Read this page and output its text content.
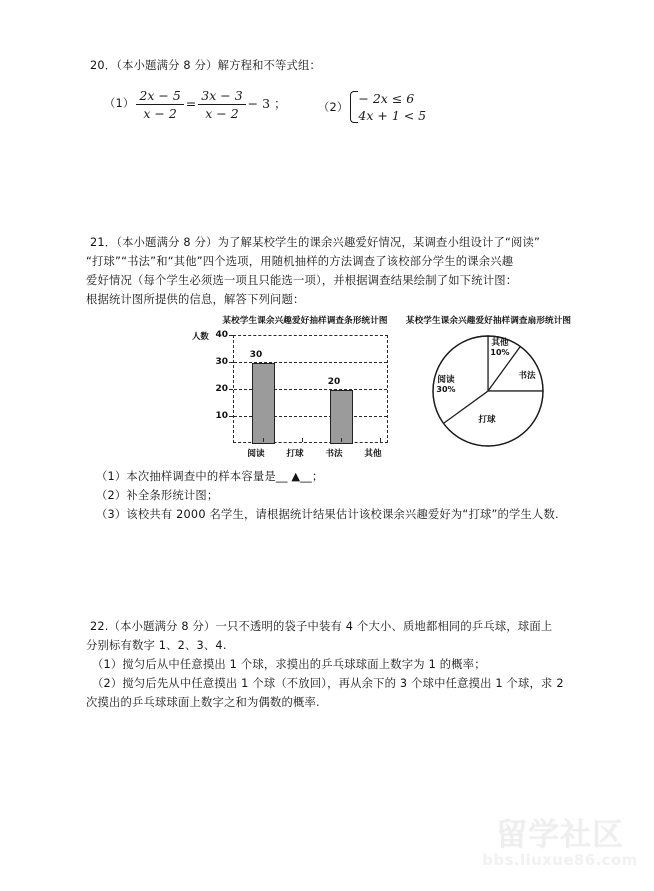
20．（本小题满分 8 分）解方程和不等式组：
$(1) \frac{2x - 5}{x - 2} = \frac{3x - 3}{x - 2} - 3$ ；	（2）
− 2x ≤ 6
4x + 1 < 5
21．（本小题满分 8 分）为了解某校学生的课余兴趣爱好情况，某调查小组设计了“阅读”
“打球”“书法”和“其他”四个选项，用随机抽样的方法调查了该校部分学生的课余兴趣
爱好情况（每个学生必须选一项且只能选一项），并根据调查结果绘制了如下统计图：
根据统计图所提供的信息，解答下列问题：
某校学生课余兴趣爱好抽样调查条形统计图
人数 40
30
20
10
30
20
阅读	打球	书法	其他
某校学生课余兴趣爱好抽样调查扇形统计图
其他
10%
书法
打球
阅读
30%
（1）本次抽样调查中的样本容量是__ ▲__；
（2）补全条形统计图；
（3）该校共有 2000 名学生，请根据统计结果估计该校课余兴趣爱好为“打球”的学生人数.
22.（本小题满分 8 分）一只不透明的袋子中装有 4 个大小、质地都相同的乒乓球，球面上
分别标有数字 1、2、3、4.
（1）搅匀后从中任意摸出 1 个球，求摸出的乒乓球球面上数字为 1 的概率；
（2）搅匀后先从中任意摸出 1 个球（不放回），再从余下的 3 个球中任意摸出 1 个球，求 2
次摸出的乒乓球球面上数字之和为偶数的概率.
留学社区
bbs.liuxue86.com
